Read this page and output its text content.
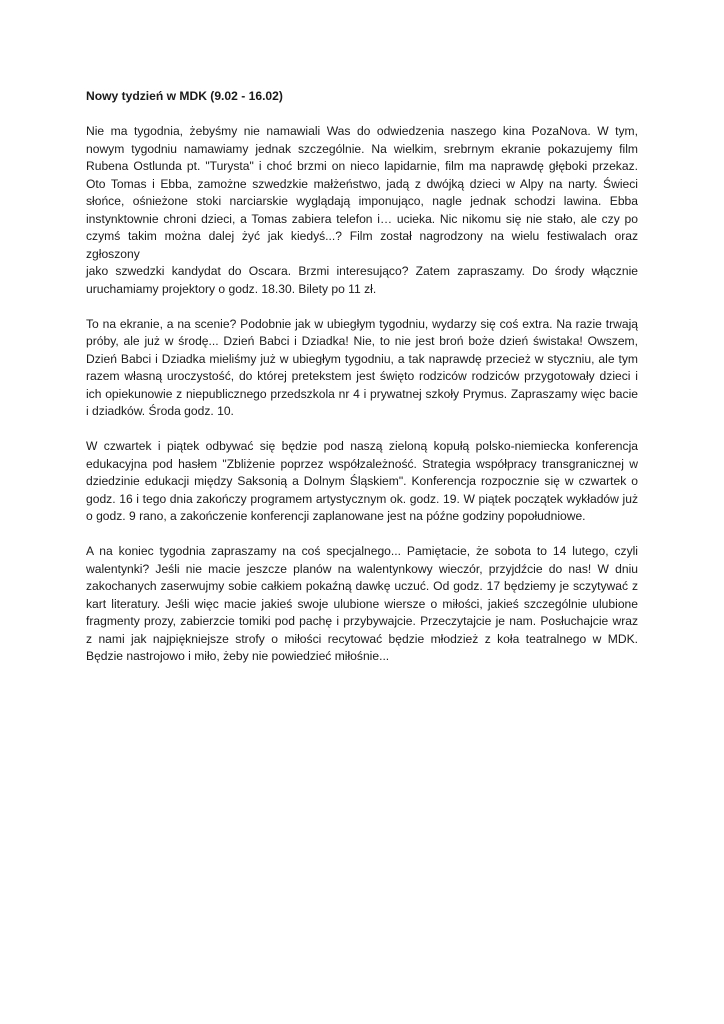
Nowy tydzień w MDK (9.02 - 16.02)
Nie ma tygodnia, żebyśmy nie namawiali Was do odwiedzenia naszego kina PozaNova. W tym,
nowym tygodniu namawiamy jednak szczególnie. Na wielkim, srebrnym ekranie pokazujemy film
Rubena Ostlunda pt. "Turysta" i choć brzmi on nieco lapidarnie, film ma naprawdę głęboki przekaz.
Oto Tomas i Ebba, zamożne szwedzkie małżeństwo, jadą z dwójką dzieci w Alpy na narty. Świeci
słońce, ośnieżone stoki narciarskie wyglądają imponująco, nagle jednak schodzi lawina. Ebba
instynktownie chroni dzieci, a Tomas zabiera telefon i… ucieka. Nic nikomu się nie stało, ale czy po
czymś takim można dalej żyć jak kiedyś...? Film został nagrodzony na wielu festiwalach oraz zgłoszony
jako szwedzki kandydat do Oscara. Brzmi interesująco? Zatem zapraszamy. Do środy włącznie
uruchamiamy projektory o godz. 18.30. Bilety po 11 zł.
To na ekranie, a na scenie? Podobnie jak w ubiegłym tygodniu, wydarzy się coś extra. Na razie trwają
próby, ale już w środę... Dzień Babci i Dziadka! Nie, to nie jest broń boże dzień świstaka! Owszem,
Dzień Babci i Dziadka mieliśmy już w ubiegłym tygodniu, a tak naprawdę przecież w styczniu, ale tym
razem własną uroczystość, do której pretekstem jest święto rodziców rodziców przygotowały dzieci i
ich opiekunowie z niepublicznego przedszkola nr 4 i prywatnej szkoły Prymus. Zapraszamy więc bacie
i dziadków. Środa godz. 10.
W czwartek i piątek odbywać się będzie pod naszą zieloną kopułą polsko-niemiecka konferencja
edukacyjna pod hasłem "Zbliżenie poprzez współzależność. Strategia współpracy transgranicznej w
dziedzinie edukacji między Saksonią a Dolnym Śląskiem". Konferencja rozpocznie się w czwartek o
godz. 16 i tego dnia zakończy programem artystycznym ok. godz. 19. W piątek początek wykładów już
o godz. 9 rano, a zakończenie konferencji zaplanowane jest na późne godziny popołudniowe.
A na koniec tygodnia zapraszamy na coś specjalnego... Pamiętacie, że sobota to 14 lutego, czyli
walentynki? Jeśli nie macie jeszcze planów na walentynkowy wieczór, przyjdźcie do nas! W dniu
zakochanych zaserwujmy sobie całkiem pokaźną dawkę uczuć. Od godz. 17 będziemy je sczytywać z
kart literatury. Jeśli więc macie jakieś swoje ulubione wiersze o miłości, jakieś szczególnie ulubione
fragmenty prozy, zabierzcie tomiki pod pachę i przybywajcie. Przeczytajcie je nam. Posłuchajcie wraz
z nami jak najpiękniejsze strofy o miłości recytować będzie młodzież z koła teatralnego w MDK.
Będzie nastrojowo i miło, żeby nie powiedzieć miłośnie...
